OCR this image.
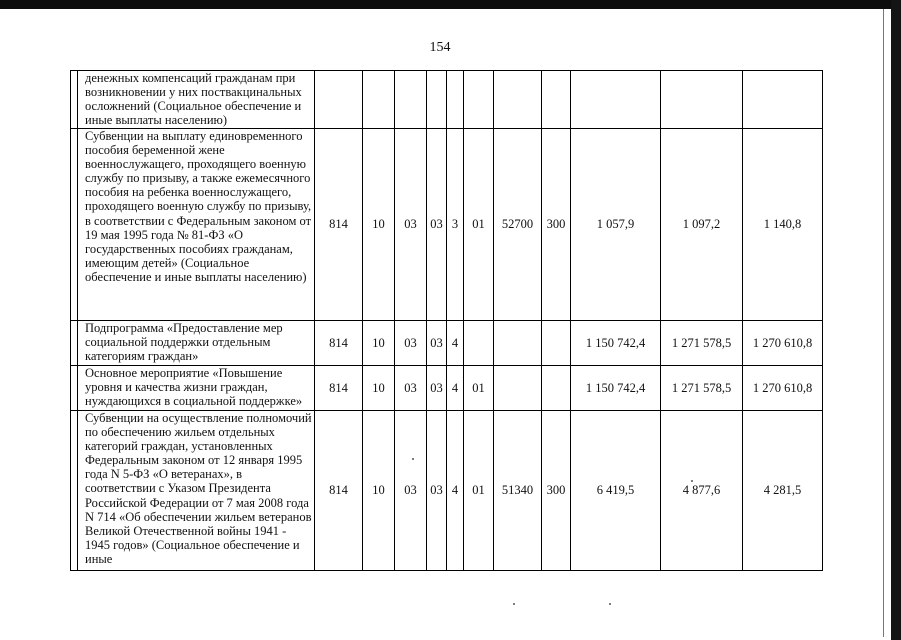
154
	денежных компенсаций гражданам при возникновении у них поствакцинальных осложнений (Социальное обеспечение и иные выплаты населению)											
	Субвенции на выплату единовременного пособия беременной жене военнослужащего, проходящего военную службу по призыву, а также ежемесячного пособия на ребенка военнослужащего, проходящего военную службу по призыву, в соответствии с Федеральным законом от 19 мая 1995 года № 81-ФЗ «О государственных пособиях гражданам, имеющим детей» (Социальное обеспечение и иные выплаты населению)	814	10	03	03	3	01	52700	300	1 057,9	1 097,2	1 140,8
	Подпрограмма «Предоставление мер социальной поддержки отдельным категориям граждан»	814	10	03	03	4				1 150 742,4	1 271 578,5	1 270 610,8
	Основное мероприятие «Повышение уровня и качества жизни граждан, нуждающихся в социальной поддержке»	814	10	03	03	4	01			1 150 742,4	1 271 578,5	1 270 610,8
	Субвенции на осуществление полномочий по обеспечению жильем отдельных категорий граждан, установленных Федеральным законом от 12 января 1995 года N 5-ФЗ «О ветеранах», в соответствии с Указом Президента Российской Федерации от 7 мая 2008 года N 714 «Об обеспечении жильем ветеранов Великой Отечественной войны 1941 - 1945 годов» (Социальное обеспечение и иные	814	10	03	03	4	01	51340	300	6 419,5	4 877,6	4 281,5
